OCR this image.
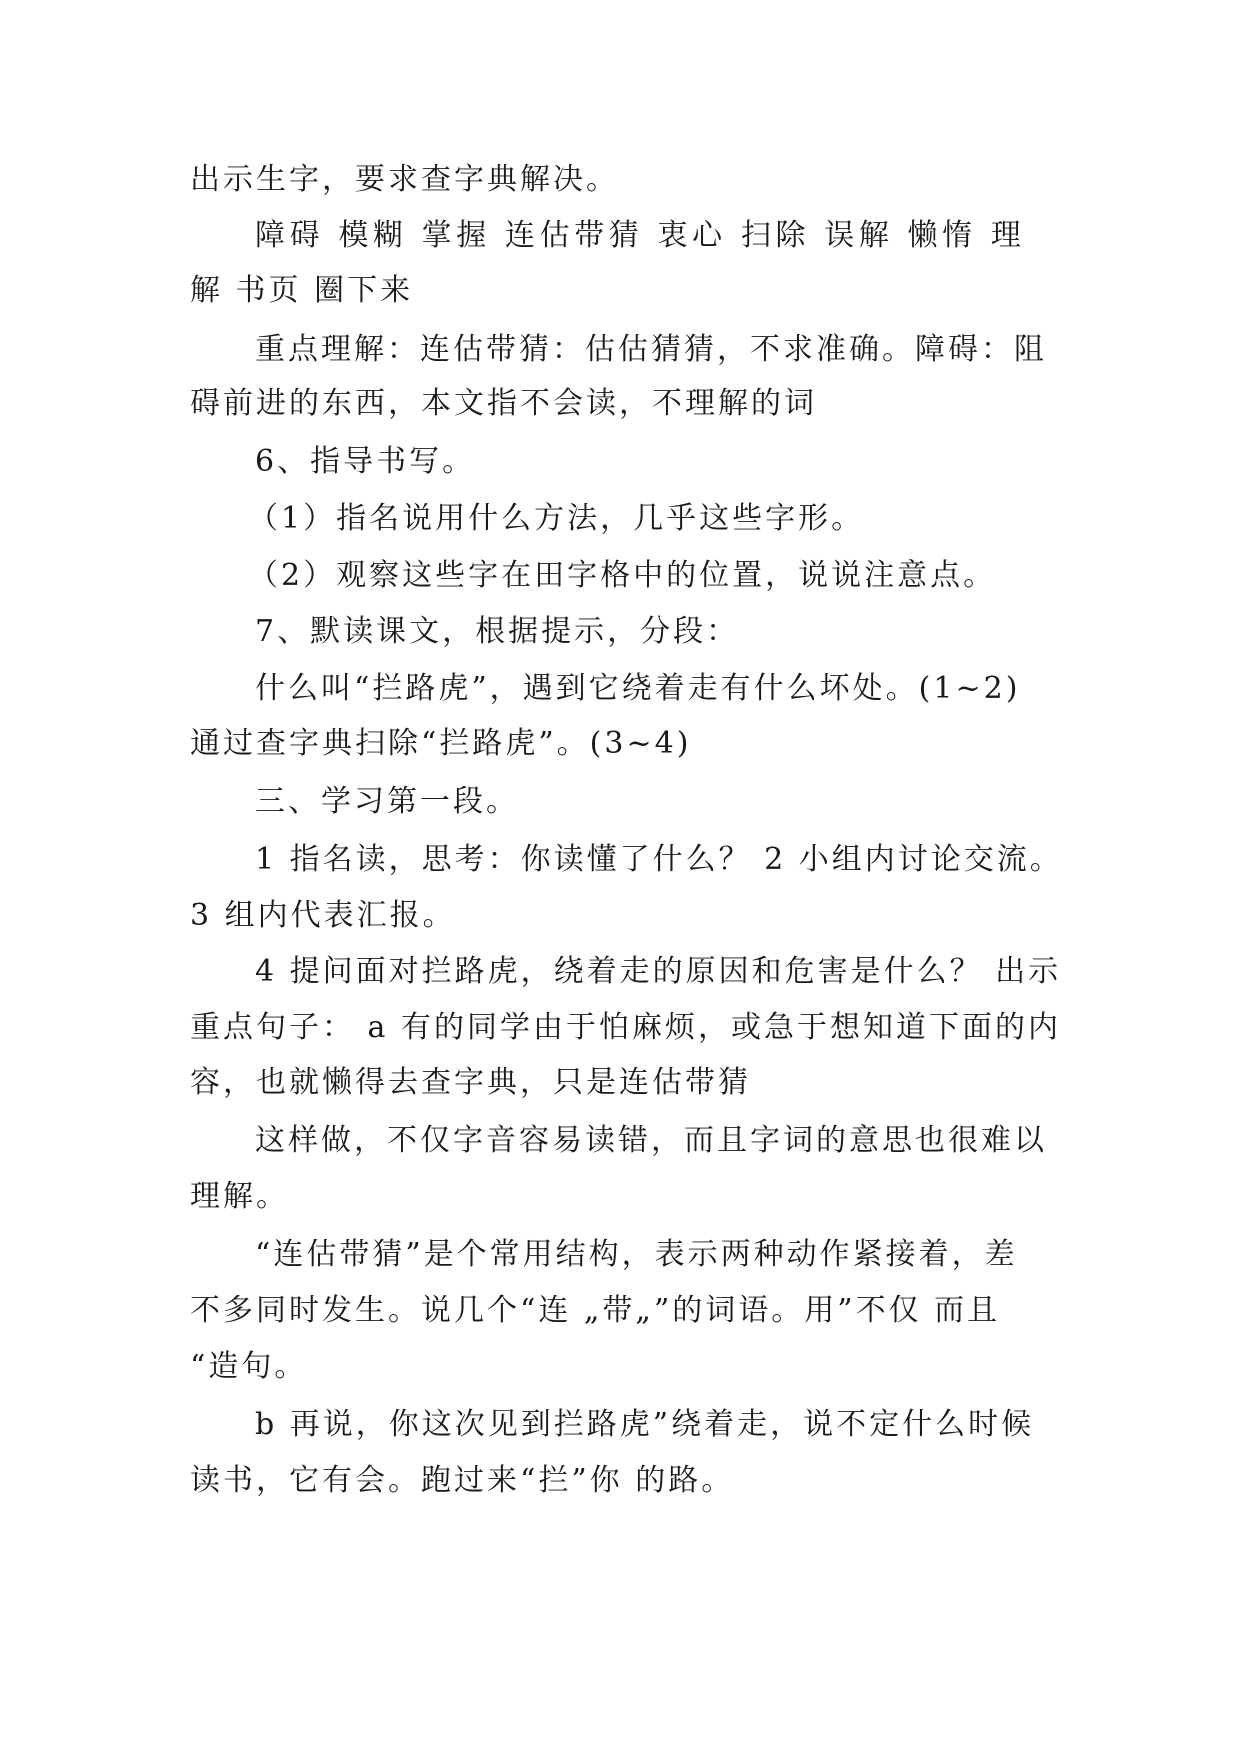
出示生字，要求查字典解决。
障碍 模糊 掌握 连估带猜 衷心 扫除 误解 懒惰 理
解 书页 圈下来
重点理解：连估带猜：估估猜猜，不求准确。障碍：阻
碍前进的东西，本文指不会读，不理解的词
6、指导书写。
（1）指名说用什么方法，几乎这些字形。
（2）观察这些字在田字格中的位置，说说注意点。
7、默读课文，根据提示，分段：
什么叫“拦路虎”，遇到它绕着走有什么坏处。(1~2)
通过查字典扫除“拦路虎”。(3~4)
三、学习第一段。
1 指名读，思考：你读懂了什么？ 2 小组内讨论交流。
3 组内代表汇报。
4 提问面对拦路虎，绕着走的原因和危害是什么？ 出示
重点句子： a 有的同学由于怕麻烦，或急于想知道下面的内
容，也就懒得去查字典，只是连估带猜
这样做，不仅字音容易读错，而且字词的意思也很难以
理解。
“连估带猜”是个常用结构，表示两种动作紧接着，差
不多同时发生。说几个“连 „带„”的词语。用”不仅 而且
“造句。
b 再说，你这次见到拦路虎”绕着走，说不定什么时候
读书，它有会。跑过来“拦”你 的路。
